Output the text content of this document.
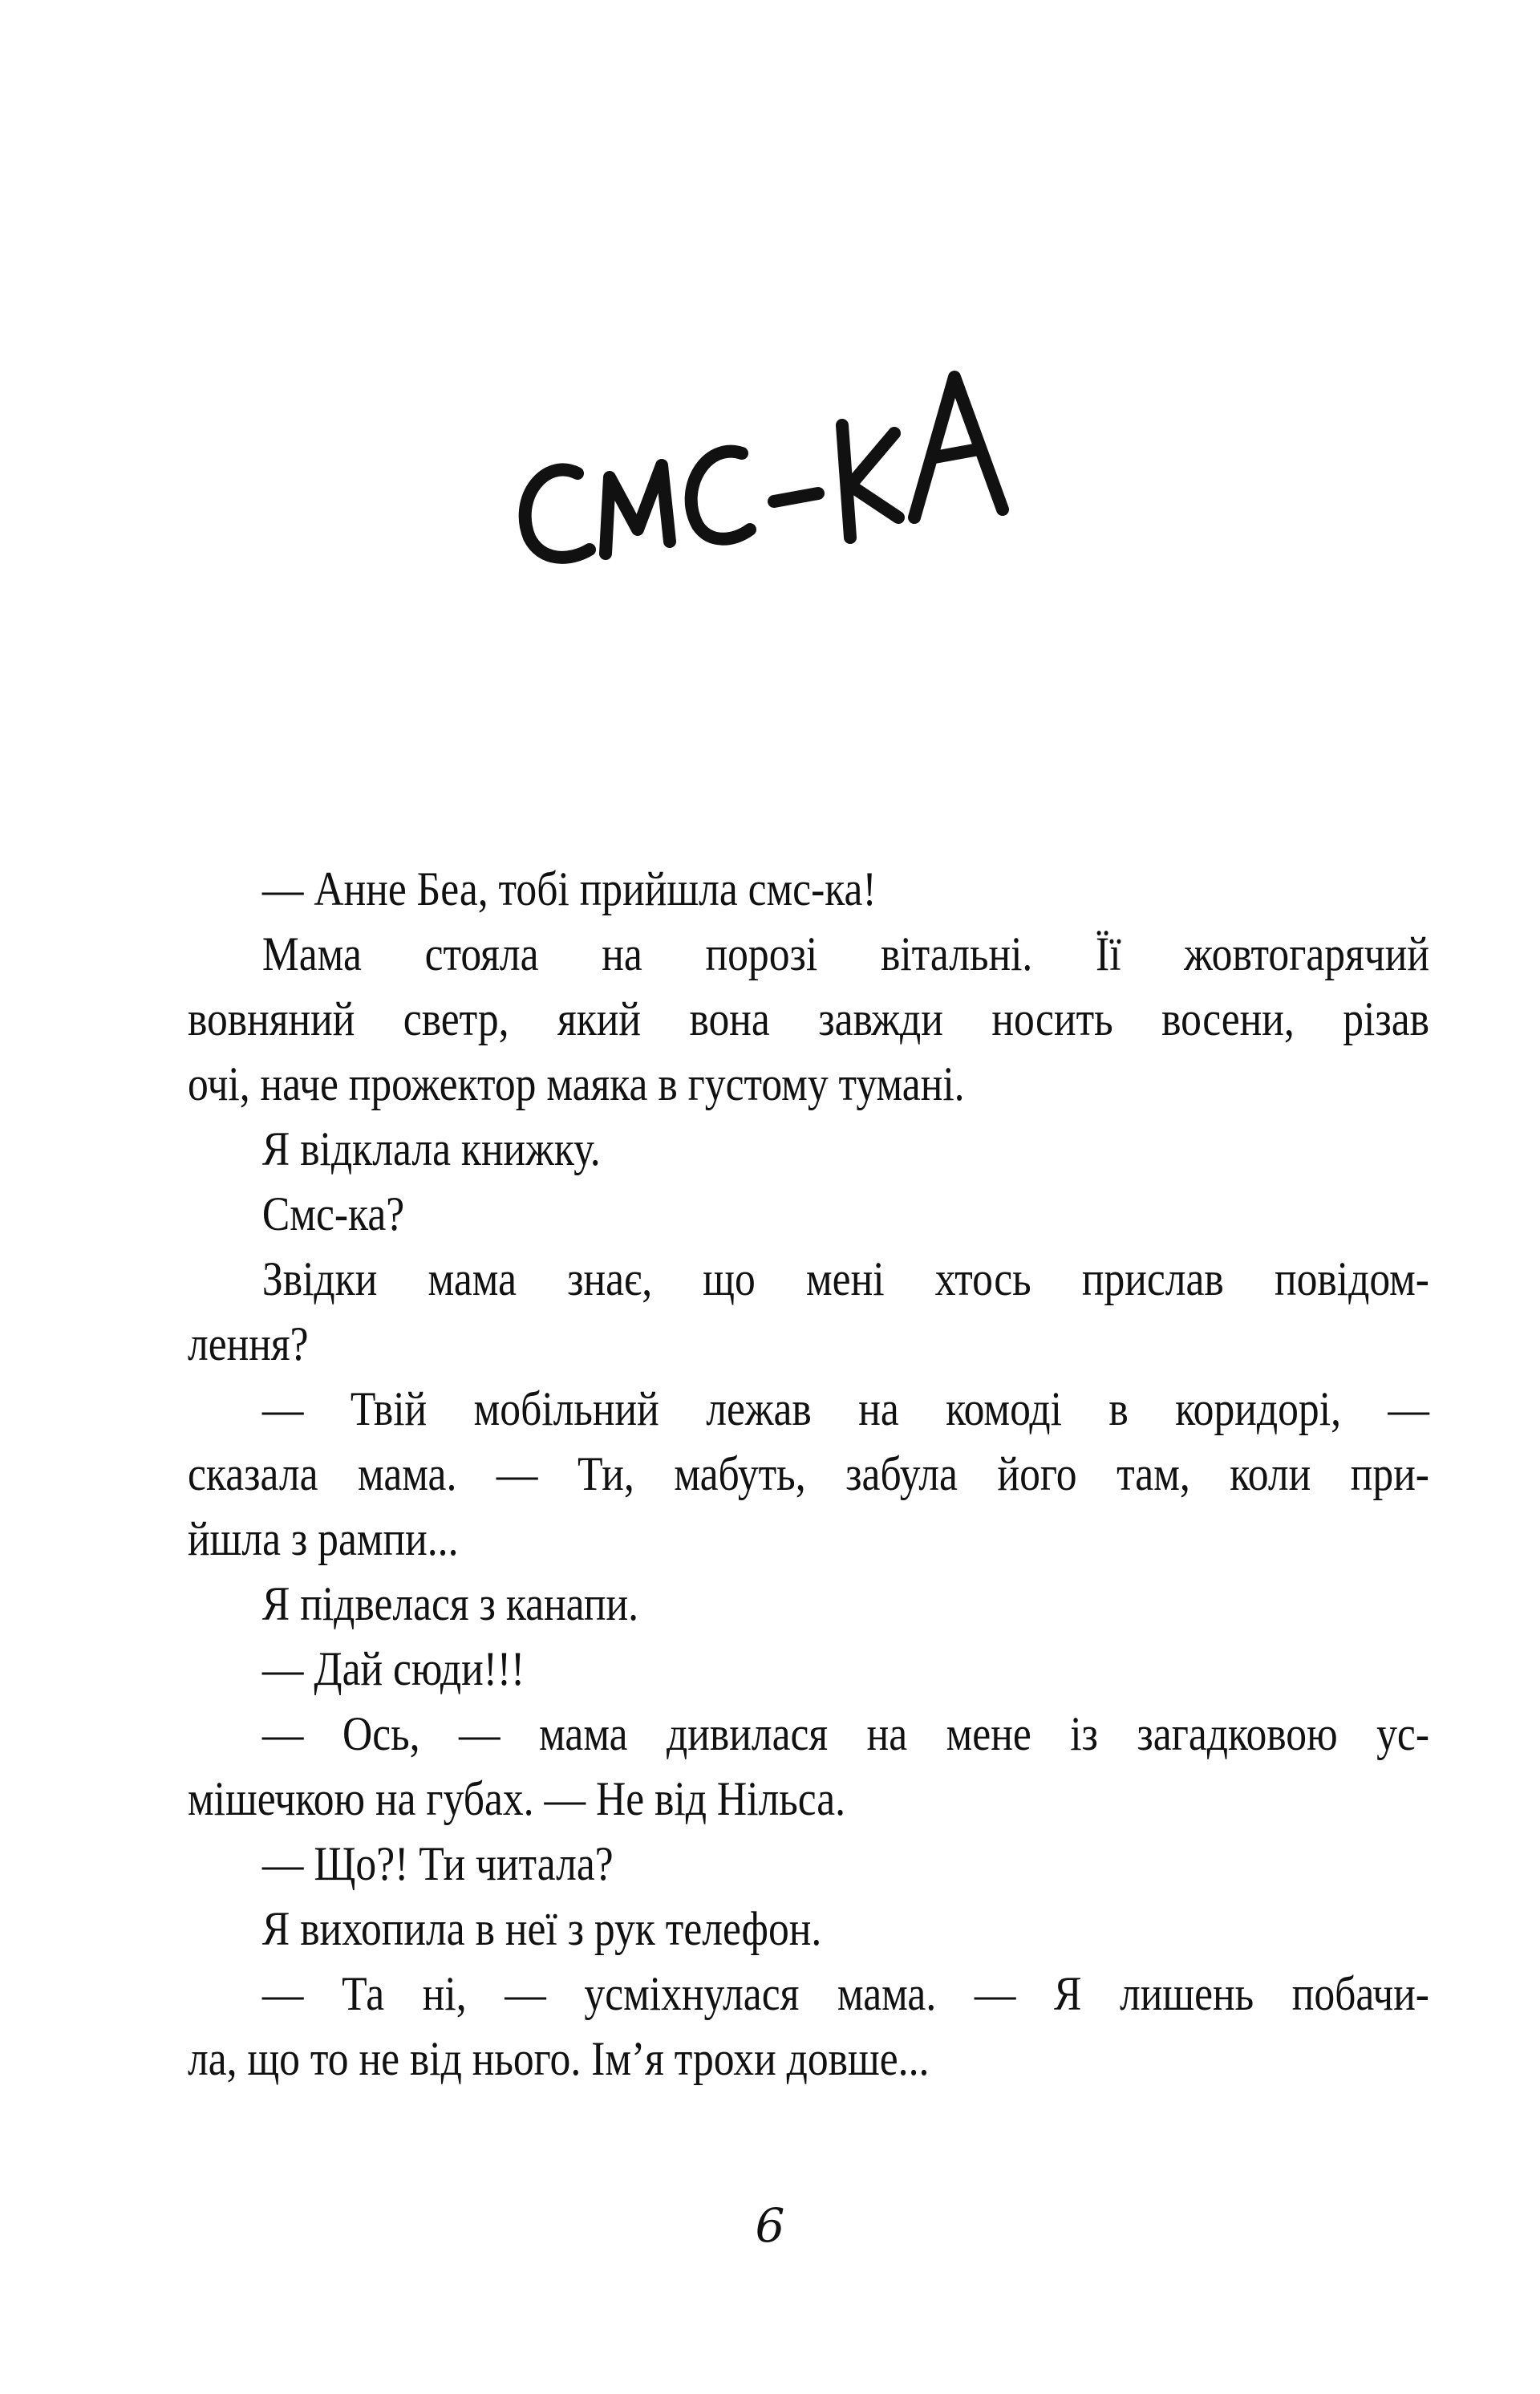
СМС-КА
— Анне Беа, тобі прийшла смс-ка!
Мама стояла на порозі вітальні. Її жовтогарячий
вовняний светр, який вона завжди носить восени, різав
очі, наче прожектор маяка в густому тумані.
Я відклала книжку.
Смс-ка?
Звідки мама знає, що мені хтось прислав повідом-
лення?
— Твій мобільний лежав на комоді в коридорі, —
сказала мама. — Ти, мабуть, забула його там, коли при-
йшла з рампи...
Я підвелася з канапи.
— Дай сюди!!!
— Ось, — мама дивилася на мене із загадковою ус-
мішечкою на губах. — Не від Нільса.
— Що?! Ти читала?
Я вихопила в неї з рук телефон.
— Та ні, — усміхнулася мама. — Я лишень побачи-
ла, що то не від нього. Ім’я трохи довше...
6
